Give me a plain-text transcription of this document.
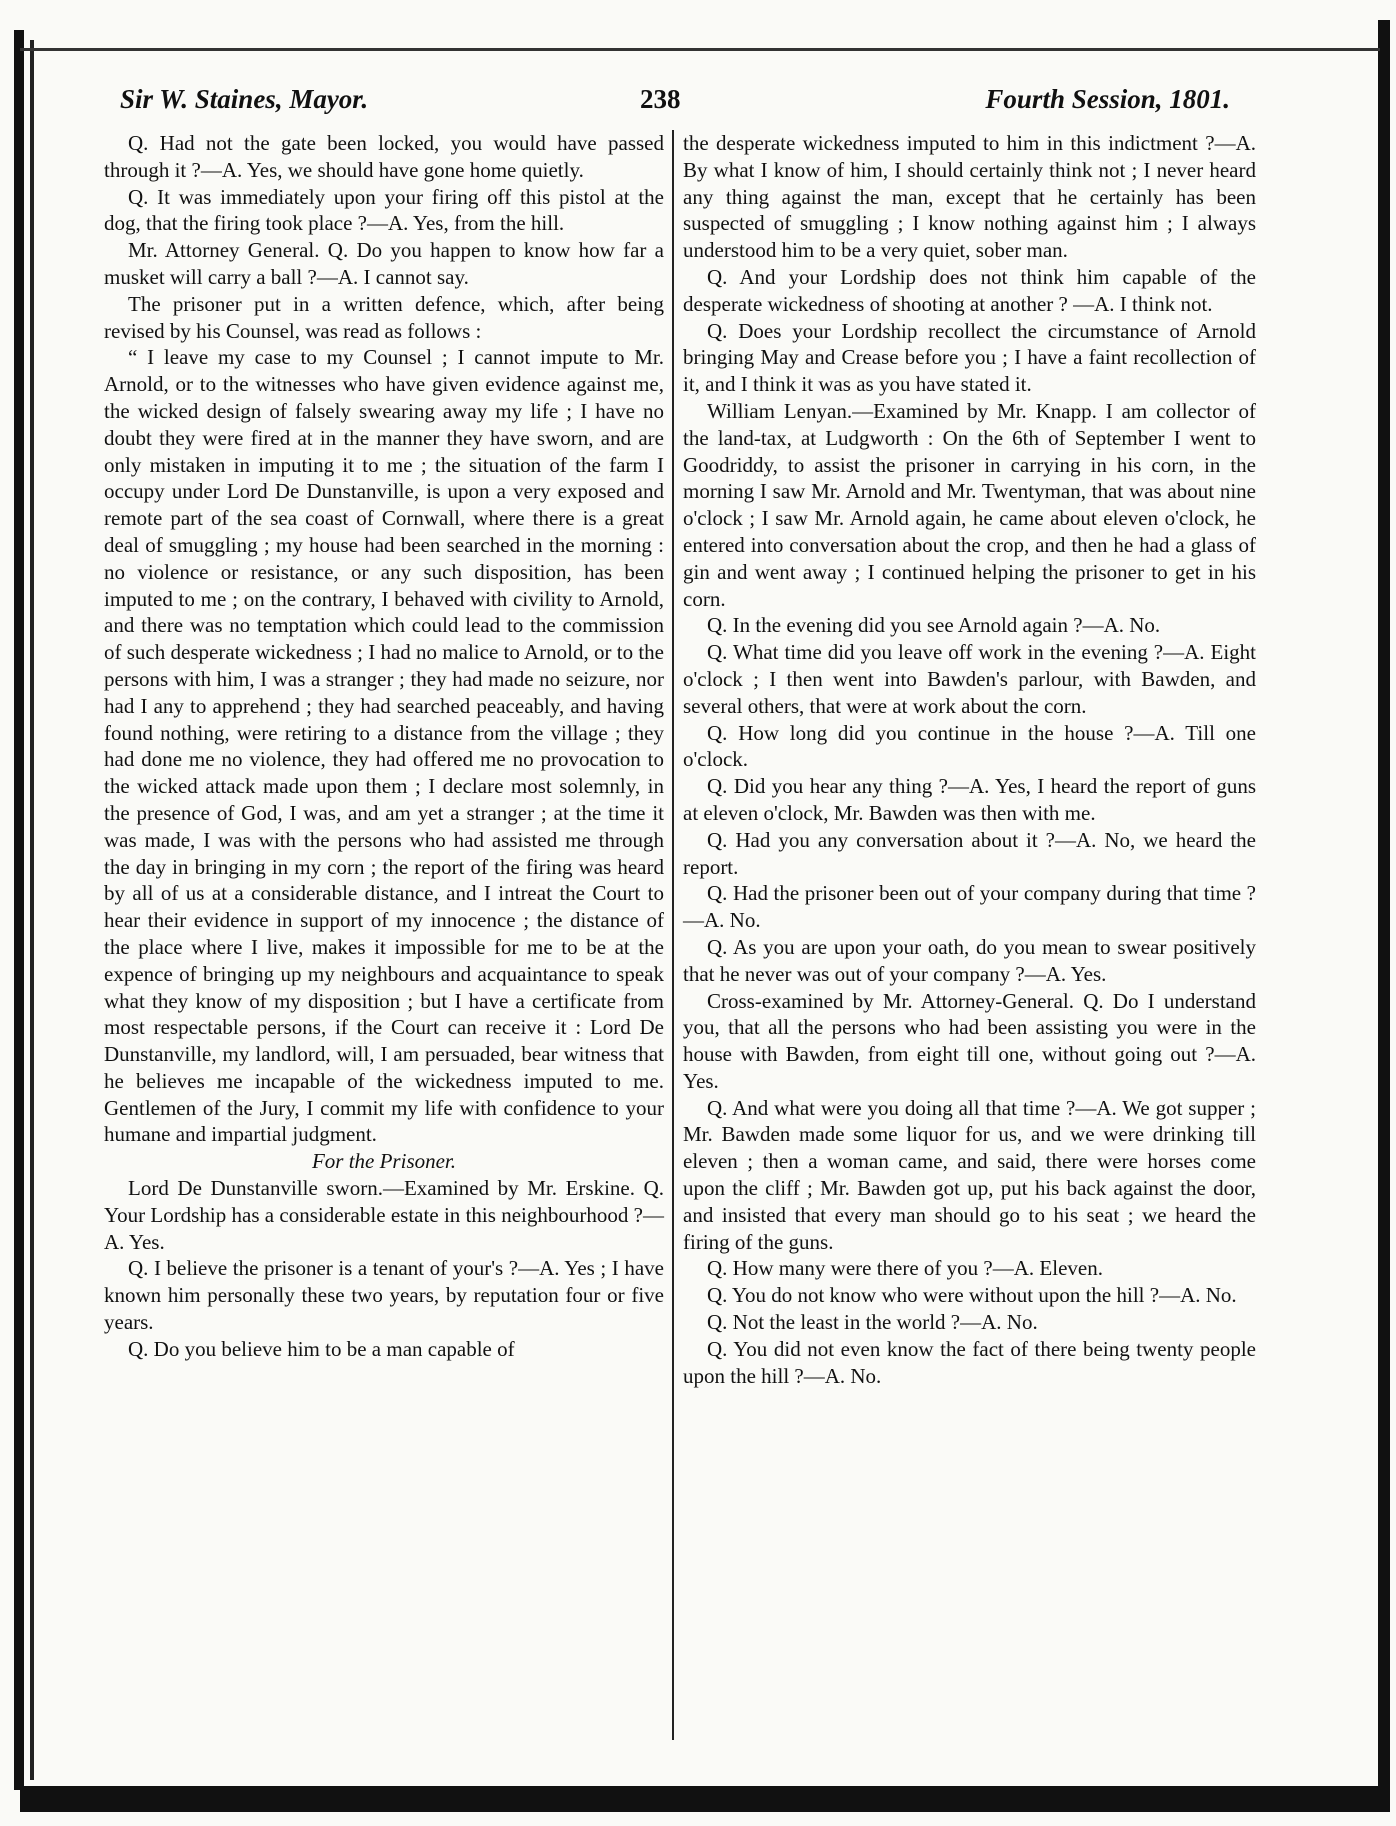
Sir W. Staines, Mayor.	238	Fourth Session, 1801.

Q. Had not the gate been locked, you would have passed through it ?—A. Yes, we should have gone home quietly.

Q. It was immediately upon your firing off this pistol at the dog, that the firing took place ?—A. Yes, from the hill.

Mr. Attorney General. Q. Do you happen to know how far a musket will carry a ball ?—A. I cannot say.

The prisoner put in a written defence, which, after being revised by his Counsel, was read as follows :

“ I leave my case to my Counsel ; I cannot impute to Mr. Arnold, or to the witnesses who have given evidence against me, the wicked design of falsely swearing away my life ; I have no doubt they were fired at in the manner they have sworn, and are only mistaken in imputing it to me ; the situation of the farm I occupy under Lord De Dunstanville, is upon a very exposed and remote part of the sea coast of Cornwall, where there is a great deal of smuggling ; my house had been searched in the morning : no violence or resistance, or any such disposition, has been imputed to me ; on the contrary, I behaved with civility to Arnold, and there was no temptation which could lead to the commission of such desperate wickedness ; I had no malice to Arnold, or to the persons with him, I was a stranger ; they had made no seizure, nor had I any to apprehend ; they had searched peaceably, and having found nothing, were retiring to a distance from the village ; they had done me no violence, they had offered me no provocation to the wicked attack made upon them ; I declare most solemnly, in the presence of God, I was, and am yet a stranger ; at the time it was made, I was with the persons who had assisted me through the day in bringing in my corn ; the report of the firing was heard by all of us at a considerable distance, and I intreat the Court to hear their evidence in support of my innocence ; the distance of the place where I live, makes it impossible for me to be at the expence of bringing up my neighbours and acquaintance to speak what they know of my disposition ; but I have a certificate from most respectable persons, if the Court can receive it : Lord De Dunstanville, my landlord, will, I am persuaded, bear witness that he believes me incapable of the wickedness imputed to me. Gentlemen of the Jury, I commit my life with confidence to your humane and impartial judgment.

For the Prisoner.

Lord De Dunstanville sworn.—Examined by Mr. Erskine. Q. Your Lordship has a considerable estate in this neighbourhood ?—A. Yes.

Q. I believe the prisoner is a tenant of your's ?—A. Yes ; I have known him personally these two years, by reputation four or five years.

Q. Do you believe him to be a man capable of

the desperate wickedness imputed to him in this indictment ?—A. By what I know of him, I should certainly think not ; I never heard any thing against the man, except that he certainly has been suspected of smuggling ; I know nothing against him ; I always understood him to be a very quiet, sober man.

Q. And your Lordship does not think him capable of the desperate wickedness of shooting at another ? —A. I think not.

Q. Does your Lordship recollect the circumstance of Arnold bringing May and Crease before you ; I have a faint recollection of it, and I think it was as you have stated it.

William Lenyan.—Examined by Mr. Knapp. I am collector of the land-tax, at Ludgworth : On the 6th of September I went to Goodriddy, to assist the prisoner in carrying in his corn, in the morning I saw Mr. Arnold and Mr. Twentyman, that was about nine o'clock ; I saw Mr. Arnold again, he came about eleven o'clock, he entered into conversation about the crop, and then he had a glass of gin and went away ; I continued helping the prisoner to get in his corn.

Q. In the evening did you see Arnold again ?—A. No.

Q. What time did you leave off work in the evening ?—A. Eight o'clock ; I then went into Bawden's parlour, with Bawden, and several others, that were at work about the corn.

Q. How long did you continue in the house ?—A. Till one o'clock.

Q. Did you hear any thing ?—A. Yes, I heard the report of guns at eleven o'clock, Mr. Bawden was then with me.

Q. Had you any conversation about it ?—A. No, we heard the report.

Q. Had the prisoner been out of your company during that time ?—A. No.

Q. As you are upon your oath, do you mean to swear positively that he never was out of your company ?—A. Yes.

Cross-examined by Mr. Attorney-General. Q. Do I understand you, that all the persons who had been assisting you were in the house with Bawden, from eight till one, without going out ?—A. Yes.

Q. And what were you doing all that time ?—A. We got supper ; Mr. Bawden made some liquor for us, and we were drinking till eleven ; then a woman came, and said, there were horses come upon the cliff ; Mr. Bawden got up, put his back against the door, and insisted that every man should go to his seat ; we heard the firing of the guns.

Q. How many were there of you ?—A. Eleven.

Q. You do not know who were without upon the hill ?—A. No.

Q. Not the least in the world ?—A. No.

Q. You did not even know the fact of there being twenty people upon the hill ?—A. No.
